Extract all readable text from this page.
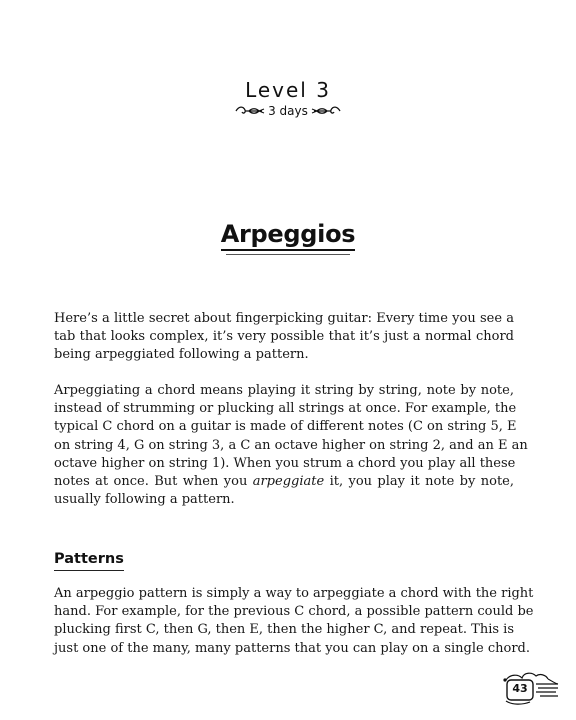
Level 3
3 days
Arpeggios

Here’s a little secret about fingerpicking guitar: Every time you see a
tab that looks complex, it’s very possible that it’s just a normal chord
being arpeggiated following a pattern.

Arpeggiating a chord means playing it string by string, note by note,
instead of strumming or plucking all strings at once. For example, the
typical C chord on a guitar is made of different notes (C on string 5, E
on string 4, G on string 3, a C an octave higher on string 2, and an E an
octave higher on string 1). When you strum a chord you play all these
notes at once. But when you arpeggiate it, you play it note by note,
usually following a pattern.

Patterns

An arpeggio pattern is simply a way to arpeggiate a chord with the right
hand. For example, for the previous C chord, a possible pattern could be
plucking first C, then G, then E, then the higher C, and repeat. This is
just one of the many, many patterns that you can play on a single chord.

43
